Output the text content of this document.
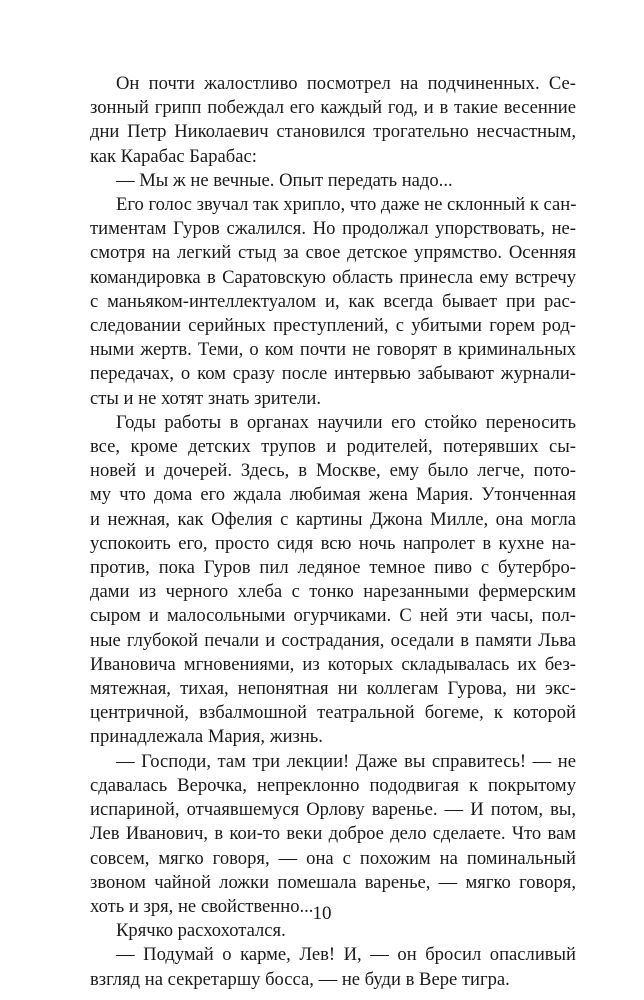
Он почти жалостливо посмотрел на подчиненных. Се-
зонный грипп побеждал его каждый год, и в такие весенние
дни Петр Николаевич становился трогательно несчастным,
как Карабас Барабас:
— Мы ж не вечные. Опыт передать надо...
Его голос звучал так хрипло, что даже не склонный к сан-
тиментам Гуров сжалился. Но продолжал упорствовать, не-
смотря на легкий стыд за свое детское упрямство. Осенняя
командировка в Саратовскую область принесла ему встречу
с маньяком-интеллектуалом и, как всегда бывает при рас-
следовании серийных преступлений, с убитыми горем род-
ными жертв. Теми, о ком почти не говорят в криминальных
передачах, о ком сразу после интервью забывают журнали-
сты и не хотят знать зрители.
Годы работы в органах научили его стойко переносить
все, кроме детских трупов и родителей, потерявших сы-
новей и дочерей. Здесь, в Москве, ему было легче, пото-
му что дома его ждала любимая жена Мария. Утонченная
и нежная, как Офелия с картины Джона Милле, она могла
успокоить его, просто сидя всю ночь напролет в кухне на-
против, пока Гуров пил ледяное темное пиво с бутербро-
дами из черного хлеба с тонко нарезанными фермерским
сыром и малосольными огурчиками. С ней эти часы, пол-
ные глубокой печали и сострадания, оседали в памяти Льва
Ивановича мгновениями, из которых складывалась их без-
мятежная, тихая, непонятная ни коллегам Гурова, ни экс-
центричной, взбалмошной театральной богеме, к которой
принадлежала Мария, жизнь.
— Господи, там три лекции! Даже вы справитесь! — не
сдавалась Верочка, непреклонно пододвигая к покрытому
испариной, отчаявшемуся Орлову варенье. — И потом, вы,
Лев Иванович, в кои-то веки доброе дело сделаете. Что вам
совсем, мягко говоря, — она с похожим на поминальный
звоном чайной ложки помешала варенье, — мягко говоря,
хоть и зря, не свойственно...
Крячко расхохотался.
— Подумай о карме, Лев! И, — он бросил опасливый
взгляд на секретаршу босса, — не буди в Вере тигра.
10
